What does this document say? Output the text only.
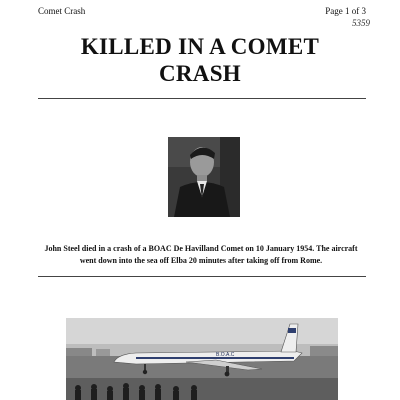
Comet Crash	Page 1 of 3
5359
KILLED IN A COMET
CRASH
John Steel died in a crash of a BOAC De Havilland Comet on 10 January 1954. The aircraft went down into the sea off Elba 20 minutes after taking off from Rome.
B.O.A.C
